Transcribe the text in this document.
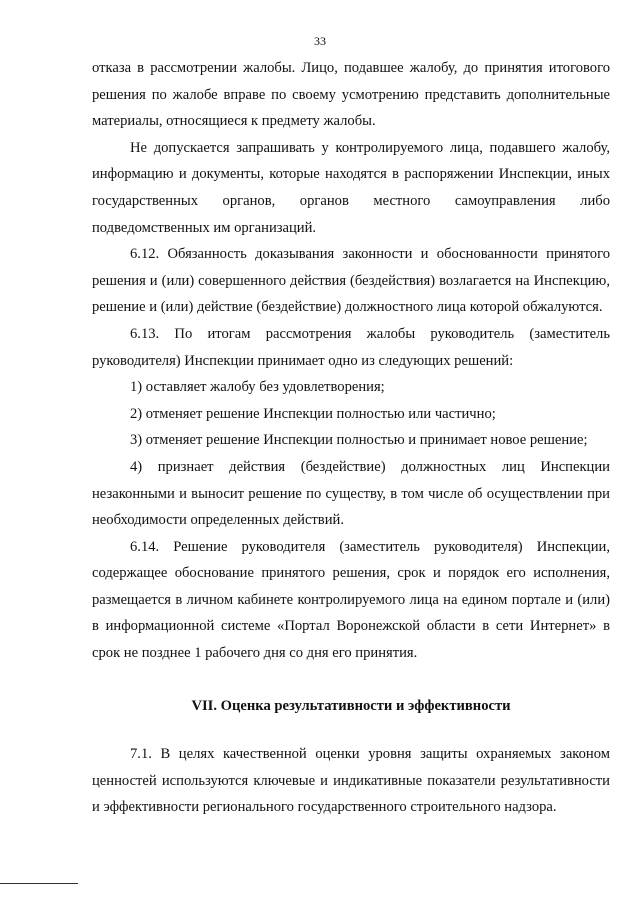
33

отказа в рассмотрении жалобы. Лицо, подавшее жалобу, до принятия итогового решения по жалобе вправе по своему усмотрению представить дополнительные материалы, относящиеся к предмету жалобы.

Не допускается запрашивать у контролируемого лица, подавшего жалобу, информацию и документы, которые находятся в распоряжении Инспекции, иных государственных органов, органов местного самоуправления либо подведомственных им организаций.

6.12. Обязанность доказывания законности и обоснованности принятого решения и (или) совершенного действия (бездействия) возлагается на Инспекцию, решение и (или) действие (бездействие) должностного лица которой обжалуются.

6.13. По итогам рассмотрения жалобы руководитель (заместитель руководителя) Инспекции принимает одно из следующих решений:

1) оставляет жалобу без удовлетворения;

2) отменяет решение Инспекции полностью или частично;

3) отменяет решение Инспекции полностью и принимает новое решение;

4) признает действия (бездействие) должностных лиц Инспекции незаконными и выносит решение по существу, в том числе об осуществлении при необходимости определенных действий.

6.14. Решение руководителя (заместитель руководителя) Инспекции, содержащее обоснование принятого решения, срок и порядок его исполнения, размещается в личном кабинете контролируемого лица на едином портале и (или) в информационной системе «Портал Воронежской области в сети Интернет» в срок не позднее 1 рабочего дня со дня его принятия.

VII. Оценка результативности и эффективности

7.1. В целях качественной оценки уровня защиты охраняемых законом ценностей используются ключевые и индикативные показатели результативности и эффективности регионального государственного строительного надзора.
